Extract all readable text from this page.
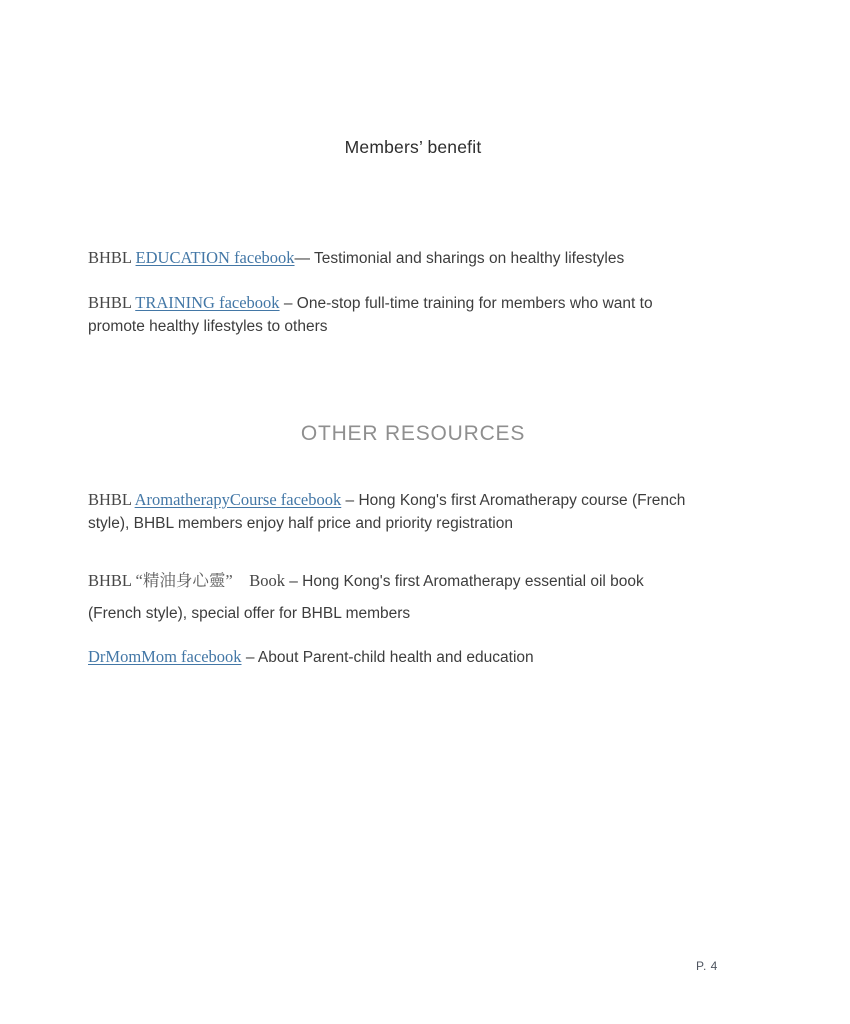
Members’ benefit
BHBL EDUCATION facebook— Testimonial and sharings on healthy lifestyles
BHBL TRAINING facebook – One-stop full-time training for members who want to
promote healthy lifestyles to others
BHBL AromatherapyCourse facebook – Hong Kong's first Aromatherapy course (French
style), BHBL members enjoy half price and priority registration
BHBL “精油身心靈”　Book – Hong Kong's first Aromatherapy essential oil book
(French style), special offer for BHBL members
DrMomMom facebook – About Parent-child health and education
OTHER RESOURCES
P. 4
